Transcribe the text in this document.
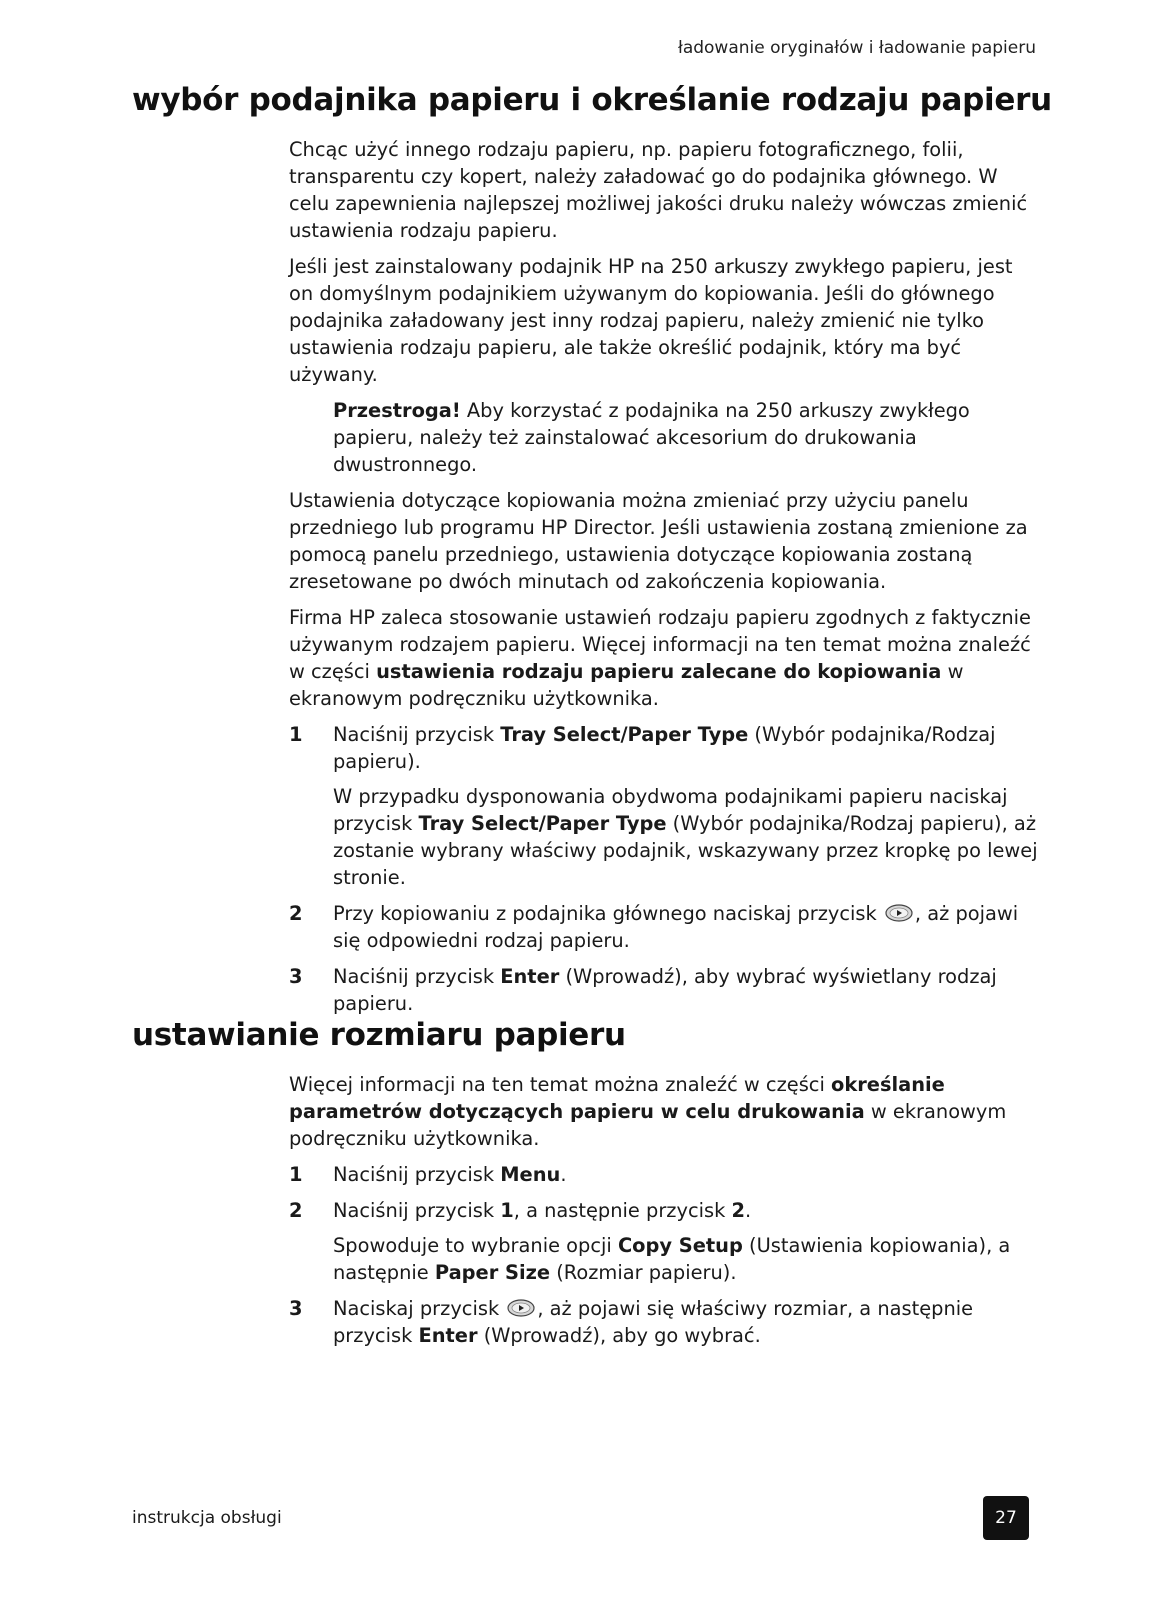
ładowanie oryginałów i ładowanie papieru
wybór podajnika papieru i określanie rodzaju papieru

Chcąc użyć innego rodzaju papieru, np. papieru fotograficznego, folii, transparentu czy kopert, należy załadować go do podajnika głównego. W celu zapewnienia najlepszej możliwej jakości druku należy wówczas zmienić ustawienia rodzaju papieru.

Jeśli jest zainstalowany podajnik HP na 250 arkuszy zwykłego papieru, jest on domyślnym podajnikiem używanym do kopiowania. Jeśli do głównego podajnika załadowany jest inny rodzaj papieru, należy zmienić nie tylko ustawienia rodzaju papieru, ale także określić podajnik, który ma być używany.

Przestroga! Aby korzystać z podajnika na 250 arkuszy zwykłego papieru, należy też zainstalować akcesorium do drukowania dwustronnego.

Ustawienia dotyczące kopiowania można zmieniać przy użyciu panelu przedniego lub programu HP Director. Jeśli ustawienia zostaną zmienione za pomocą panelu przedniego, ustawienia dotyczące kopiowania zostaną zresetowane po dwóch minutach od zakończenia kopiowania.

Firma HP zaleca stosowanie ustawień rodzaju papieru zgodnych z faktycznie używanym rodzajem papieru. Więcej informacji na ten temat można znaleźć w części ustawienia rodzaju papieru zalecane do kopiowania w ekranowym podręczniku użytkownika.

1 Naciśnij przycisk Tray Select/Paper Type (Wybór podajnika/Rodzaj papieru).

W przypadku dysponowania obydwoma podajnikami papieru naciskaj przycisk Tray Select/Paper Type (Wybór podajnika/Rodzaj papieru), aż zostanie wybrany właściwy podajnik, wskazywany przez kropkę po lewej stronie.

2 Przy kopiowaniu z podajnika głównego naciskaj przycisk , aż pojawi się odpowiedni rodzaj papieru.

3 Naciśnij przycisk Enter (Wprowadź), aby wybrać wyświetlany rodzaj papieru.

ustawianie rozmiaru papieru

Więcej informacji na ten temat można znaleźć w części określanie parametrów dotyczących papieru w celu drukowania w ekranowym podręczniku użytkownika.

1 Naciśnij przycisk Menu.

2 Naciśnij przycisk 1, a następnie przycisk 2.

Spowoduje to wybranie opcji Copy Setup (Ustawienia kopiowania), a następnie Paper Size (Rozmiar papieru).

3 Naciskaj przycisk , aż pojawi się właściwy rozmiar, a następnie przycisk Enter (Wprowadź), aby go wybrać.

instrukcja obsługi	27
